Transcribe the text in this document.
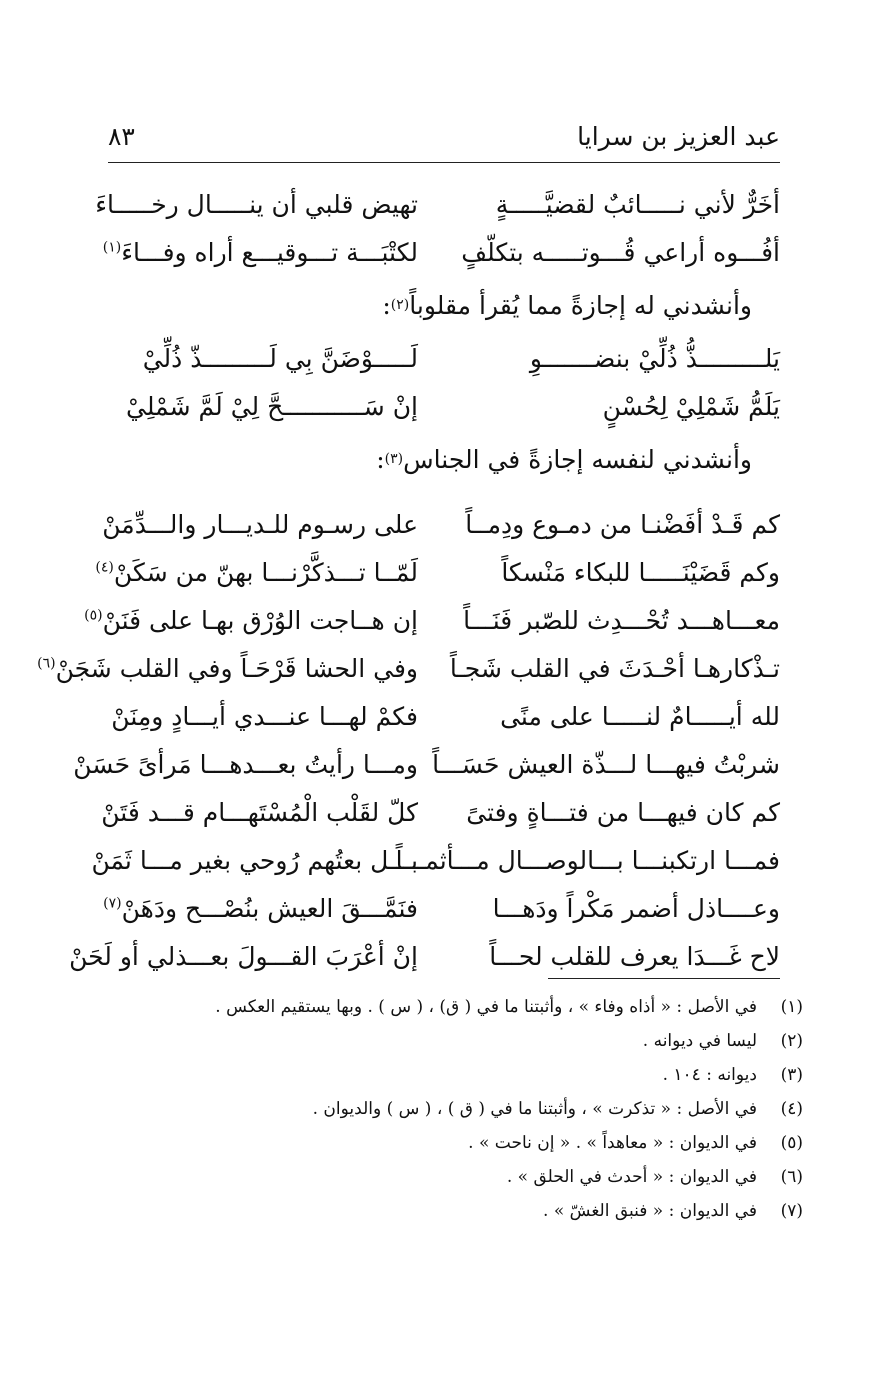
عبد العزيز بن سرايا
٨٣
أخَرٌّ لأني نـــــائبٌ لقضيَّـــــةٍ
تهيض قلبي أن ينـــــال رخـــــاءَ
أفُـــوه أراعي قُـــوتـــــه بتكلّفٍ
لكتْبَـــة تـــوقيـــع أراه وفـــاءَ$^{(١)}$
وأنشدني له إجازةً مما يُقرأ مقلوباً
(٢)
:
يَلـــــــــذُّ ذُلِّيْ بنضـــــــوِ
لَـــــوْضَنَّ بِي لَـــــــــذّ ذُلِّيْ
يَلَمُّ شَمْلِيْ لِحُسْنٍ
إنْ سَـــــــــــحَّ لِيْ لَمَّ شَمْلِيْ
وأنشدني لنفسه إجازةً في الجناس
(٣)
:
كم قَـدْ أفَضْنـا من دمـوع ودِمــاً
على رسـوم للـديـــار والـــدِّمَنْ
وكم قَضَيْنَـــــا للبكاء مَنْسكاً
لَمّــا تـــذكَّرْنـــا بهنّ من سَكَنْ$^{(٤)}$
معـــاهـــد تُحْـــدِث للصّبر فَنَـــاً
إن هــاجت الوُرْق بهـا على فَنَنْ$^{(٥)}$
تـذْكارهـا أحْـدَثَ في القلب شَجـاً
وفي الحشا قَرْحَـاً وفي القلب شَجَنْ$^{(٦)}$
لله أيـــــامٌ لنـــــا على منًى
فكمْ لهـــا عنـــدي أيـــادٍ ومِنَنْ
شربْتُ فيهـــا لـــذّة العيش حَسَـــاً
ومـــا رأيتُ بعـــدهـــا مَرأىً حَسَنْ
كم كان فيهـــا من فتـــاةٍ وفتىً
كلّ لقَلْب الْمُسْتَهـــام قـــد فَتَنْ
فمـــا ارتكبنـــا بـــالوصـــال مـــأثمـــاً
بـــل بعتُهم رُوحي بغير مـــا ثَمَنْ
وعــــاذل أضمر مَكْراً ودَهـــا
فنَمَّـــقَ العيش بنُصْـــح ودَهَنْ$^{(٧)}$
لاح غَـــدَا يعرف للقلب لحـــاً
إنْ أعْرَبَ القـــولَ بعـــذلي أو لَحَنْ
(١)
في الأصل : « أذاه وفاء » ، وأثبتنا ما في ( ق) ، ( س ) . وبها يستقيم العكس .
(٢)
ليسا في ديوانه .
(٣)
ديوانه : ١٠٤ .
(٤)
في الأصل : « تذكرت » ، وأثبتنا ما في ( ق ) ، ( س ) والديوان .
(٥)
في الديوان : « معاهداً » . « إن ناحت » .
(٦)
في الديوان : « أحدث في الحلق » .
(٧)
في الديوان : « فنبق الغشّ » .
